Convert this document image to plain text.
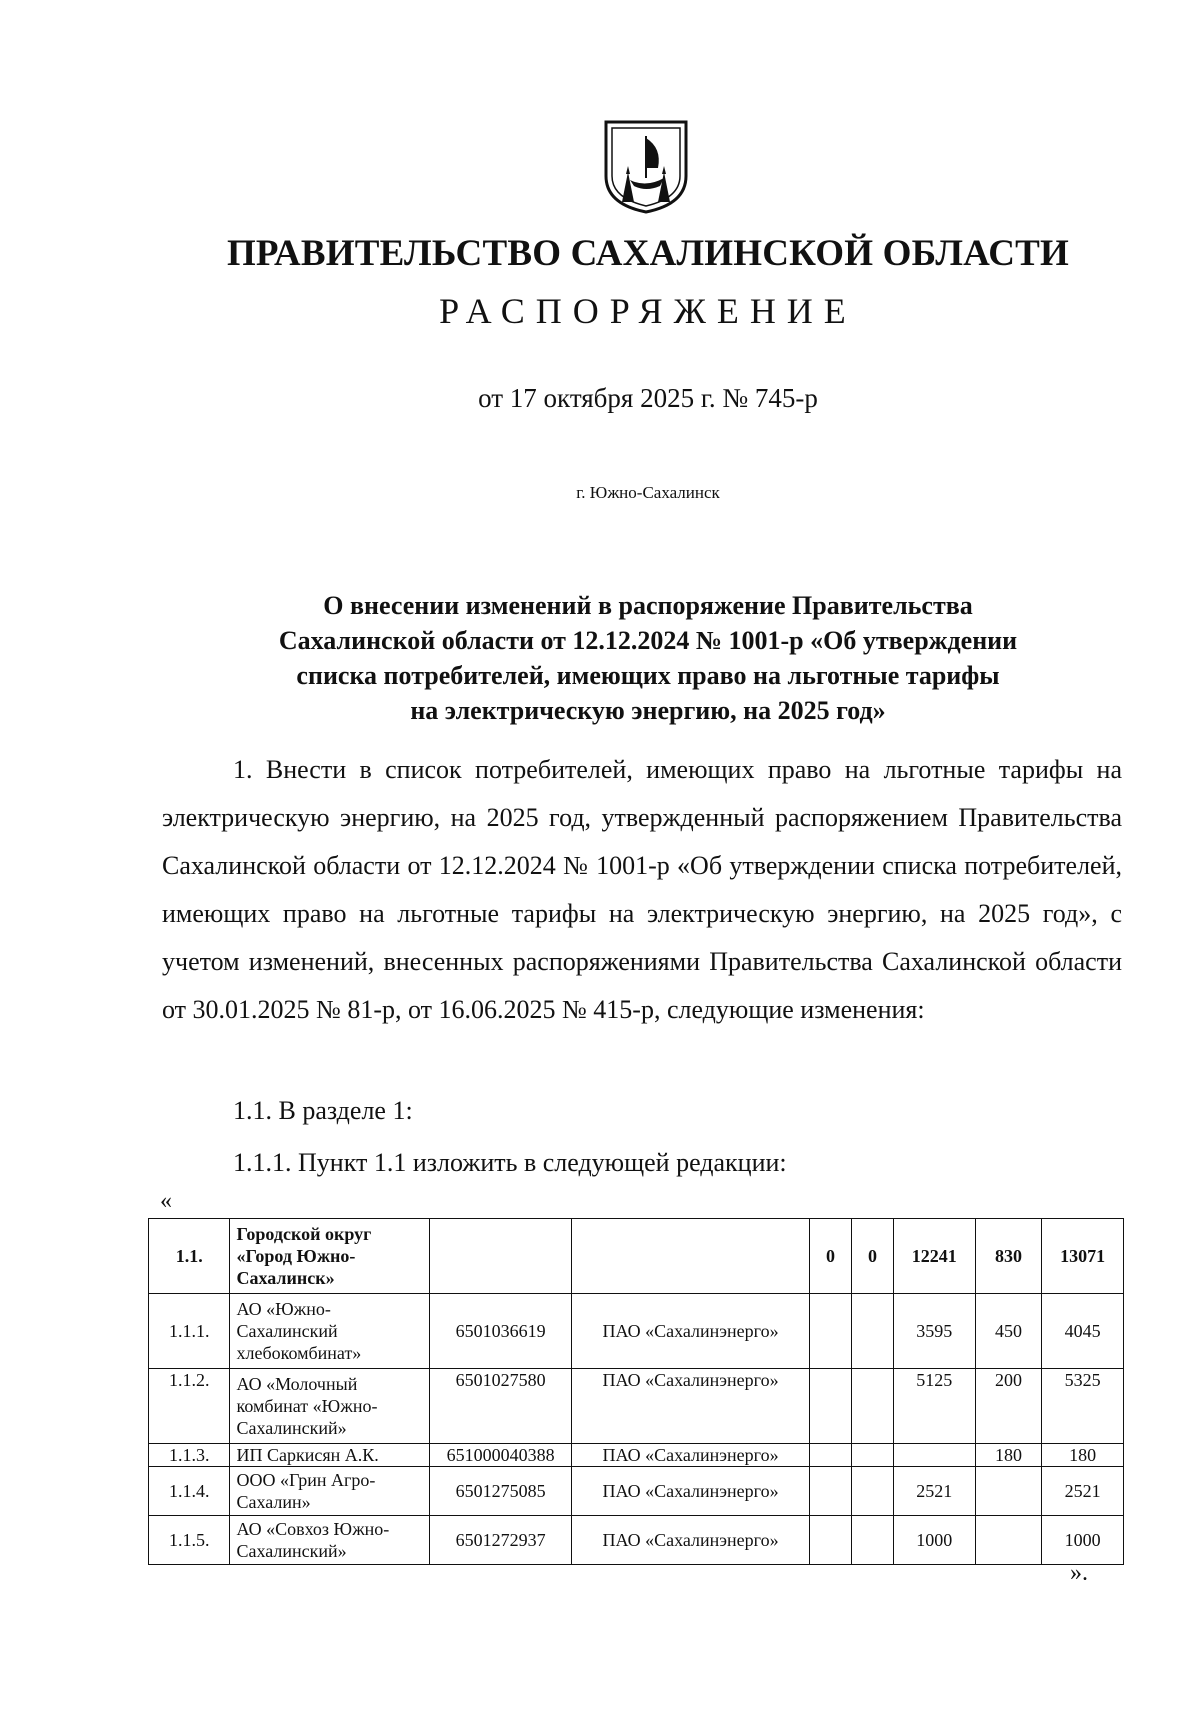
ПРАВИТЕЛЬСТВО САХАЛИНСКОЙ ОБЛАСТИ
РАСПОРЯЖЕНИЕ
от 17 октября 2025 г. № 745-р
г. Южно-Сахалинск
О внесении изменений в распоряжение Правительства
Сахалинской области от 12.12.2024 № 1001-р «Об утверждении
списка потребителей, имеющих право на льготные тарифы
на электрическую энергию, на 2025 год»
1. Внести в список потребителей, имеющих право на льготные тарифы на электрическую энергию, на 2025 год, утвержденный распоряжением Правительства Сахалинской области от 12.12.2024 № 1001-р «Об утверждении списка потребителей, имеющих право на льготные тарифы на электрическую энергию, на 2025 год», с учетом изменений, внесенных распоряжениями Правительства Сахалинской области от 30.01.2025 № 81-р, от 16.06.2025 № 415-р, следующие изменения:
1.1. В разделе 1:
1.1.1. Пункт 1.1 изложить в следующей редакции:
«
1.1.	Городской округ «Город Южно-Сахалинск»			0	0	12241	830	13071
1.1.1.	АО «Южно-Сахалинский хлебокомбинат»	6501036619	ПАО «Сахалинэнерго»			3595	450	4045
1.1.2.	АО «Молочный комбинат «Южно-Сахалинский»	6501027580	ПАО «Сахалинэнерго»			5125	200	5325
1.1.3.	ИП Саркисян А.К.	651000040388	ПАО «Сахалинэнерго»				180	180
1.1.4.	ООО «Грин Агро-Сахалин»	6501275085	ПАО «Сахалинэнерго»			2521		2521
1.1.5.	АО «Совхоз Южно-Сахалинский»	6501272937	ПАО «Сахалинэнерго»			1000		1000
».
